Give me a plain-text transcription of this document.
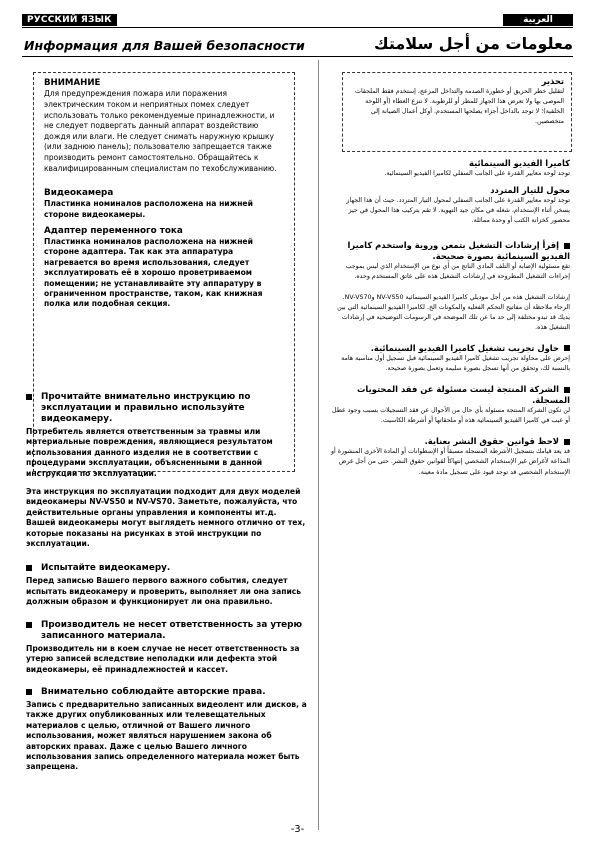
РУССКИЙ ЯЗЫК	العربية
Информация для Вашей безопасности	معلومات من أجل سلامتك
ВНИМАНИЕ
Для предупреждения пожара или поражения электрическим током и неприятных помех следует использовать только рекомендуемые принадлежности, и не следует подвергать данный аппарат воздействию дождя или влаги. Не следует снимать наружную крышку (или заднюю панель); пользователю запрещается также производить ремонт самостоятельно. Обращайтесь к квалифицированным специалистам по техобслуживанию.
Видеокамера
Пластинка номиналов расположена на нижней стороне видеокамеры.
Адаптер переменного тока
Пластинка номиналов расположена на нижней стороне адаптера. Так как эта аппаратура нагревается во время использования, следует эксплуатировать её в хорошо проветриваемом помещении; не устанавливайте эту аппаратуру в ограниченном пространстве, таком, как книжная полка или подобная секция.
Прочитайте внимательно инструкцию по эксплуатации и правильно используйте видеокамеру.
Потребитель является ответственным за травмы или материальные повреждения, являющиеся результатом использования данного изделия не в соответствии с процедурами эксплуатации, объясненными в данной инструкции по эксплуатации.
Эта инструкция по эксплуатации подходит для двух моделей видеокамеры NV-VS50 и NV-VS70. Заметьте, пожалуйста, что действительные органы управления и компоненты ит.д. Вашей видеокамеры могут выглядеть немного отлично от тех, которые показаны на рисунках в этой инструкции по эксплуатации.
Испытайте видеокамеру.
Перед записью Вашего первого важного события, следует испытать видеокамеру и проверить, выполняет ли она запись должным образом и функционирует ли она правильно.
Производитель не несет ответственность за утерю записанного материала.
Производитель ни в коем случае не несет ответственность за утерю записей вследствие неполадки или дефекта этой видеокамеры, её принадлежностей и кассет.
Внимательно соблюдайте авторские права.
Запись с предварительно записанных видеолент или дисков, а также других опубликованных или телевещательных материалов с целью, отличной от Вашего личного использования, может являться нарушением закона об авторских правах. Даже с целью Вашего личного использования запись определенного материала может быть запрещена.
تحذير
لتقليل خطر الحريق أو خطورة الصدمة والتداخل المزعج، إستخدم فقط الملحقات الموصى بها ولا تعرض هذا الجهاز للمطر أو للرطوبة. لا تنزع الغطاء (أو اللوحة الخلفية)؛ لا توجد بالداخل أجزاء يصلحها المستخدم. أوكل أعمال الصيانة إلى متخصصين.
كاميرا الفيديو السينمائية
توجد لوحة معايير القدرة على الجانب السفلي لكاميرا الفيديو السينمائية.
محول للتيار المتردد
توجد لوحة معايير القدرة على الجانب السفلي لمحول التيار المتردد. حيث أن هذا الجهاز يسخن أثناء الإستخدام، شغله في مكان جيد التهوية. لا تقم بتركيب هذا المحول في حيز محصور كخزانة الكتب أو وحدة مماثلة.
إقرأ إرشادات التشغيل بتمعن وروية واستخدم كاميرا الفيديو السينمائية بصورة صحيحة.
تقع مسئولية الإصابة أو التلف المادي الناتج من أي نوع من الإستخدام الذي ليس بموجب إجراءات التشغيل المطروحة في إرشادات التشغيل هذه على عاتق المستخدم وحده.
إرشادات التشغيل هذه من أجل موديلي كاميرا الفيديو السينمائية NV-VS50 وNV-VS70. الرجاء ملاحظة أن مفاتيح التحكم الفعلية والمكونات الخ. لكاميرا الفيديو السينمائية التي بين يديك قد تبدو مختلفة إلى حد ما عن تلك الموضحة في الرسومات التوضيحية في إرشادات التشغيل هذه.
حاول تجريب تشغيل كاميرا الفيديو السينمائية.
إحرص على محاولة تجريب تشغيل كاميرا الفيديو السينمائية قبل تسجيل أول مناسبة هامة بالنسبة لك، وتحقق من أنها تسجل بصورة سليمة وتعمل بصورة صحيحة.
الشركة المنتجة ليست مسئولة عن فقد المحتويات المسجلة.
لن تكون الشركة المنتجة مسئولة بأي حال من الأحوال عن فقد التسجيلات بسبب وجود عطل أو عيب في كاميرا الفيديو السينمائية هذه أو ملحقاتها أو أشرطة الكاسيت.
لاحظ قوانين حقوق النشر بعناية.
قد يعد قيامك بتسجيل الأشرطة المسجلة مسبقاً أو الإسطوانات أو المادة الأخرى المنشورة أو المذاعة لأغراض غير الإستخدام الشخصي إنتهاكاً لقوانين حقوق النشر. حتى من أجل غرض الإستخدام الشخصي قد توجد قيود على تسجيل مادة معينة.
-3-
